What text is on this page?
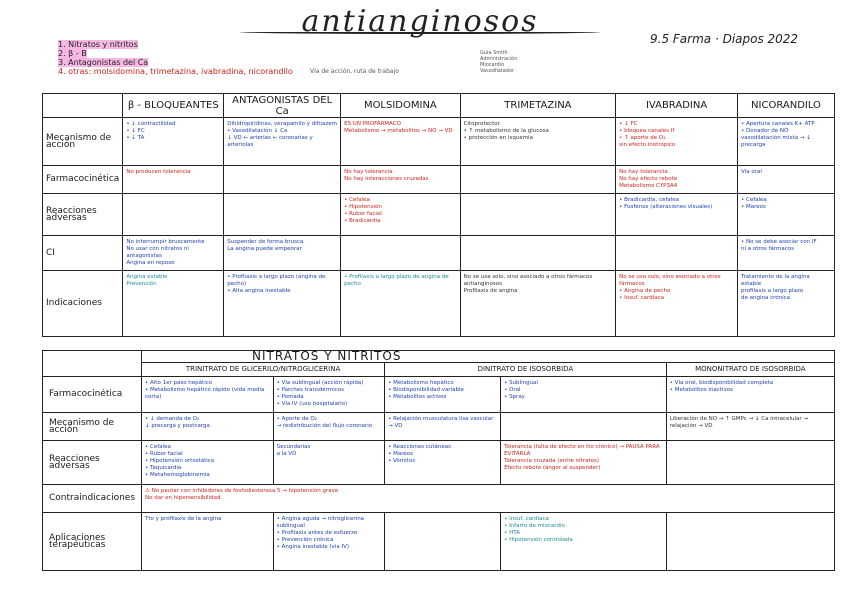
antianginosos	9.5 Farma · Diapos 2022
1. Nitratos y nitritos
2. β - B
3. Antagonistas del Ca
4. otras: molsidomina, trimetazina, ivabradina, nicorandilo	Vía de acción, ruta de trabajo
Guía Smith
Administración
Miocardio
Vasodilatador
	β - BLOQUEANTES	ANTAGONISTAS DEL Ca	MOLSIDOMINA	TRIMETAZINA	IVABRADINA	NICORANDILO
Mecanismo de acción	• ↓ contractilidad
• ↓ FC
• ↓ TA	Dihidropiridinas, verapamilo y diltiazem
• Vasodilatación ↓ Ca
↓ VD ← arterias ← coronarias y arteriolas	ES UN PROFÁRMACO
Metabolismo → metabolitos → NO → VD	Citoprotector
• ↑ metabolismo de la glucosa
• protección en isquemia	• ↓ FC
• bloquea canales If
• ↑ aporte de O₂
sin efecto inotrópico	• Apertura canales K+ ATP
• Donador de NO
vasodilatación mixta → ↓ precarga
Farmacocinética	No producen tolerancia		No hay tolerancia
No hay interacciones cruzadas		No hay tolerancia
No hay efecto rebote
Metabolismo CYP3A4	Vía oral
Reacciones adversas			• Cefalea
• Hipotensión
• Rubor facial
• Bradicardia		• Bradicardia, cefalea
• Fosfenos (alteraciones visuales)	• Cefalea
• Mareos
CI	No interrumpir bruscamente
No usar con nitratos ni antagonistas
Angina en reposo	Suspender de forma brusca
La angina puede empeorar				• No se debe asociar con IF
ni a otros fármacos
Indicaciones	Angina estable
Prevención	• Profilaxis a largo plazo (angina de pecho)
• Alta angina inestable	• Profilaxis a largo plazo de angina de pecho	No se usa solo, sino asociado a otros fármacos antianginosos
Profilaxis de angina	No se usa solo, sino asociado a otros fármacos
• Angina de pecho
• Insuf. cardíaca	Tratamiento de la angina estable
profilaxis a largo plazo
de angina crónica
	NITRATOS Y NITRITOS				
	TRINITRATO DE GLICERILO/NITROGLICERINA		DINITRATO DE ISOSORBIDA		MONONITRATO DE ISOSORBIDA
Farmacocinética	• Alto 1er paso hepático
• Metabolismo hepático rápido (vida media corta)	• Vía sublingual (acción rápida)
• Parches transdérmicos
• Pomada
• Vía IV (uso hospitalario)	• Metabolismo hepático
• Biodisponibilidad variable
• Metabolitos activos	• Sublingual
• Oral
• Spray	• Vía oral, biodisponibilidad completa
• Metabolitos inactivos
Mecanismo de acción	• ↓ demanda de O₂
↓ precarga y postcarga	• Aporte de O₂
→ redistribución del flujo coronario	• Relajación musculatura lisa vascular → VD		Liberación de NO → ↑ GMPc → ↓ Ca intracelular → relajación → VD
Reacciones adversas	• Cefalea
• Rubor facial
• Hipotensión ortostática
• Taquicardia
• Metahemoglobinemia	Secundarias
a la VD	• Reacciones cutáneas
• Mareos
• Vómitos	Tolerancia (falta de efecto en tto crónico) → PAUSA PARA EVITARLA
Tolerancia cruzada (entre nitratos)
Efecto rebote (ángor al suspender)	
Contraindicaciones	⚠ No pautar con inhibidores de fosfodiesterasa 5 → hipotensión grave
No dar en hipersensibilidad				
Aplicaciones terapéuticas	Tto y profilaxis de la angina	• Angina aguda → nitroglicerina sublingual
• Profilaxis antes de esfuerzo
• Prevención crónica
• Angina inestable (vía IV)		• Insuf. cardíaca
• Infarto de miocardio
• HTA
• Hipotensión controlada	
